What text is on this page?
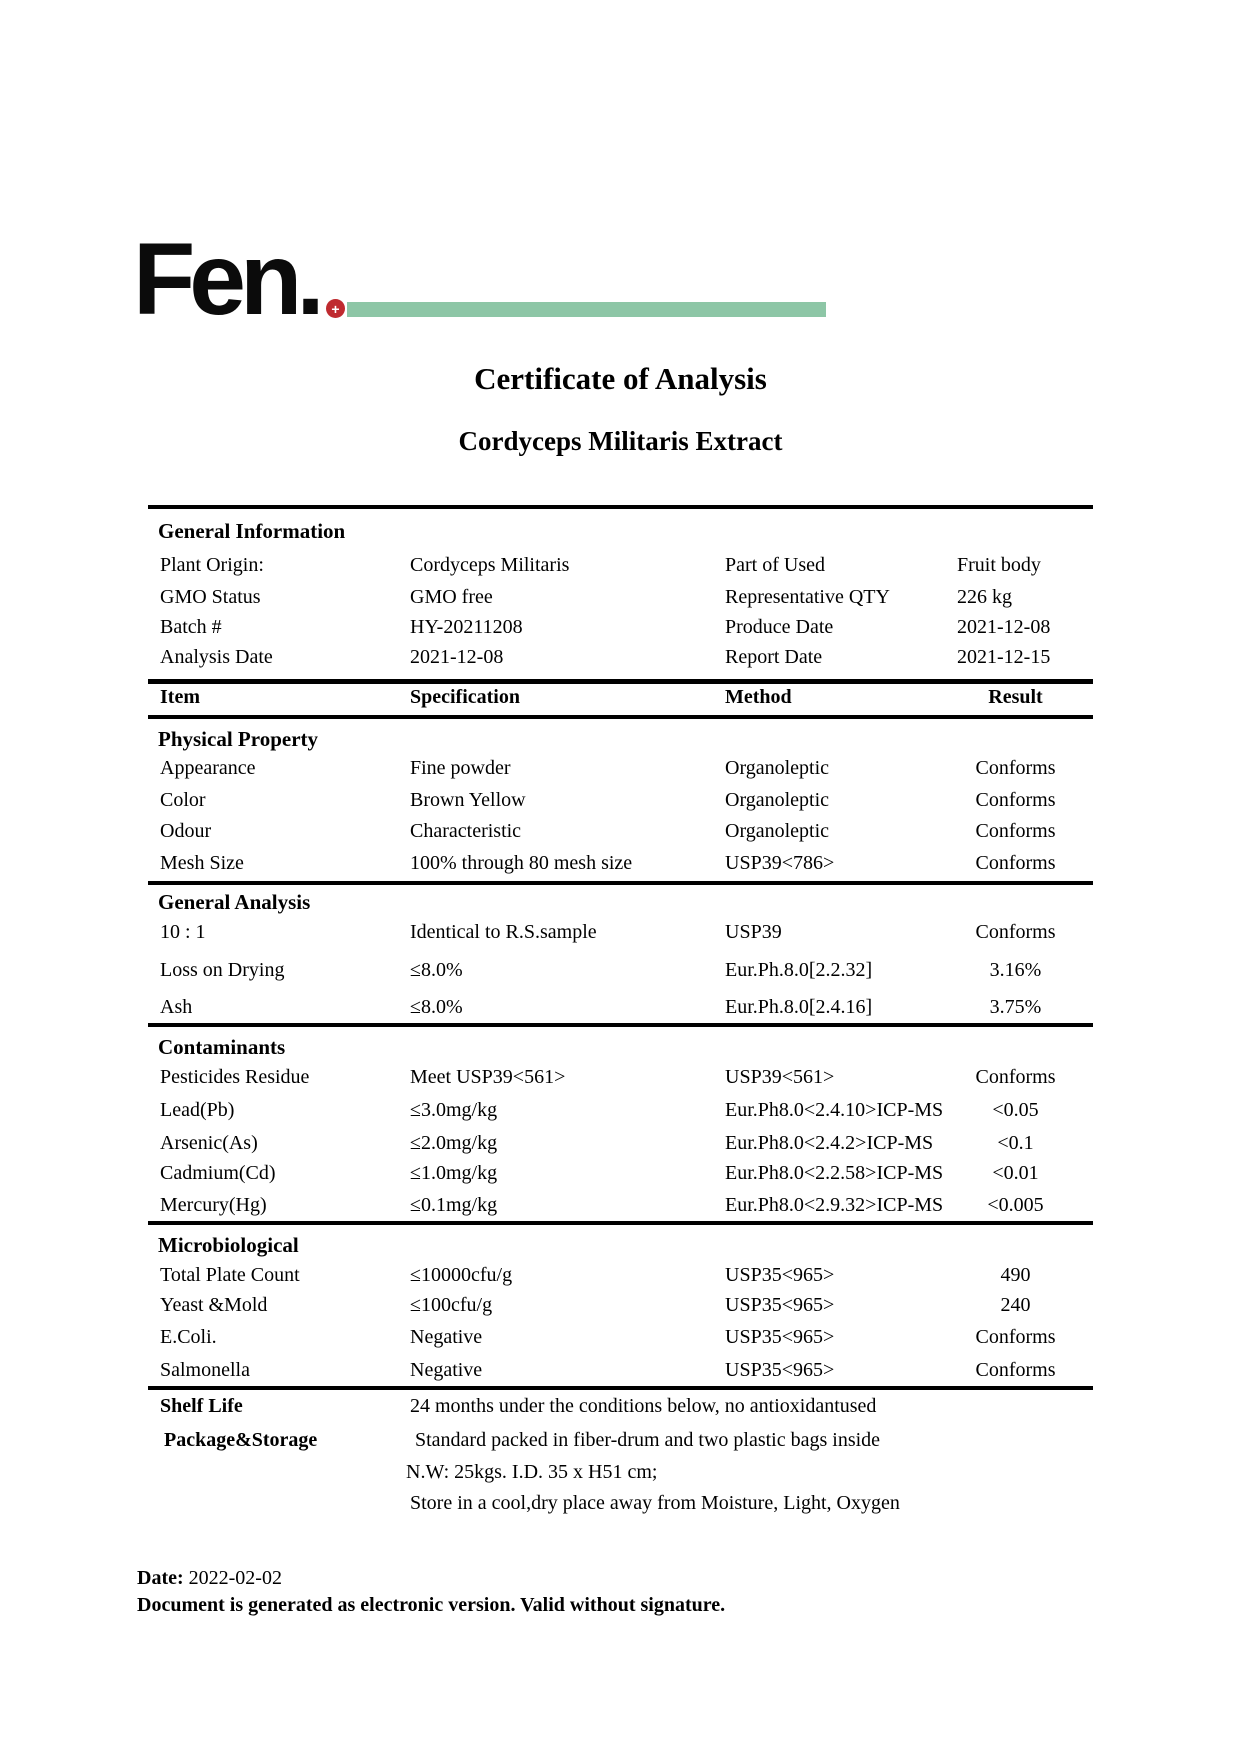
Fen. +
Certificate of Analysis
Cordyceps Militaris Extract
General Information
Plant Origin:	Cordyceps Militaris	Part of Used	Fruit body
GMO Status	GMO free	Representative QTY	226 kg
Batch #	HY-20211208	Produce Date	2021-12-08
Analysis Date	2021-12-08	Report Date	2021-12-15
Item	Specification	Method	Result
Physical Property
Appearance	Fine powder	Organoleptic	Conforms
Color	Brown Yellow	Organoleptic	Conforms
Odour	Characteristic	Organoleptic	Conforms
Mesh Size	100% through 80 mesh size	USP39<786>	Conforms
General Analysis
10 : 1	Identical to R.S.sample	USP39	Conforms
Loss on Drying	≤8.0%	Eur.Ph.8.0[2.2.32]	3.16%
Ash	≤8.0%	Eur.Ph.8.0[2.4.16]	3.75%
Contaminants
Pesticides Residue	Meet USP39<561>	USP39<561>	Conforms
Lead(Pb)	≤3.0mg/kg	Eur.Ph8.0<2.4.10>ICP-MS	<0.05
Arsenic(As)	≤2.0mg/kg	Eur.Ph8.0<2.4.2>ICP-MS	<0.1
Cadmium(Cd)	≤1.0mg/kg	Eur.Ph8.0<2.2.58>ICP-MS	<0.01
Mercury(Hg)	≤0.1mg/kg	Eur.Ph8.0<2.9.32>ICP-MS	<0.005
Microbiological
Total Plate Count	≤10000cfu/g	USP35<965>	490
Yeast &Mold	≤100cfu/g	USP35<965>	240
E.Coli.	Negative	USP35<965>	Conforms
Salmonella	Negative	USP35<965>	Conforms
Shelf Life	24 months under the conditions below, no antioxidantused
Package&Storage	Standard packed in fiber-drum and two plastic bags inside
N.W: 25kgs. I.D. 35 x H51 cm;
Store in a cool,dry place away from Moisture, Light, Oxygen
Date: 2022-02-02
Document is generated as electronic version. Valid without signature.
